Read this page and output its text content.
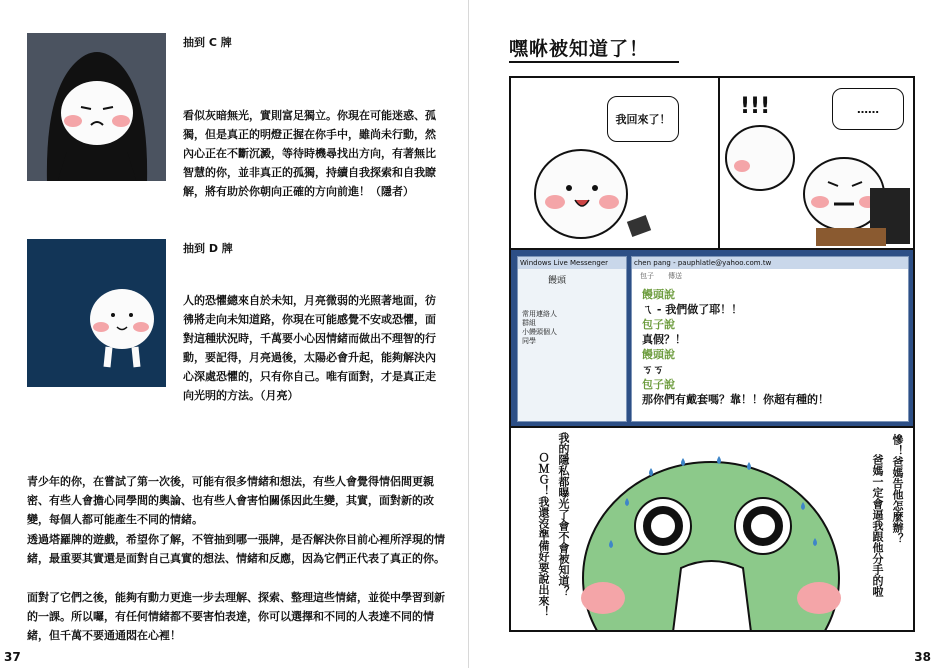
抽到 C 牌
看似灰暗無光，實則富足獨立。你現在可能迷惑、孤獨，但是真正的明燈正握在你手中，雖尚未行動，然內心正在不斷沉澱，等待時機尋找出方向，有著無比智慧的你，並非真正的孤獨，持續自我探索和自我瞭解，將有助於你朝向正確的方向前進！（隱者）
抽到 D 牌
人的恐懼總來自於未知，月亮微弱的光照著地面，彷彿將走向未知道路，你現在可能感覺不安或恐懼，面對這種狀況時，千萬要小心因情緒而做出不理智的行動，要記得，月亮過後，太陽必會升起，能夠解決內心深處恐懼的，只有你自己。唯有面對，才是真正走向光明的方法。（月亮）
青少年的你，在嘗試了第一次後，可能有很多情緒和想法，有些人會覺得情侶間更親密、有些人會擔心同學間的輿論、也有些人會害怕關係因此生變，其實，面對新的改變，每個人都可能產生不同的情緒。
透過塔羅牌的遊戲，希望你了解，不管抽到哪一張牌，是否解決你目前心裡所浮現的情緒，最重要其實還是面對自己真實的想法、情緒和反應，因為它們正代表了真正的你。
面對了它們之後，能夠有動力更進一步去理解、探索、整理這些情緒，並從中學習到新的一課。所以囉，有任何情緒都不要害怕表達，你可以選擇和不同的人表達不同的情緒，但千萬不要通通悶在心裡！
37
嘿咻被知道了！
我回來了！
!!!	……
Windows Live Messenger
饅頭
常用連絡人
群組
小饅頭個人
同學
chen pang - pauphlatle@yahoo.com.tw
包子　　傳送
饅頭說
ㄟ - 我們做了耶！！
包子說
真假？！
饅頭說
ㄎㄎ
包子說
那你們有戴套嗎？靠！！你超有種的！
慘！爸媽告他怎麼辦？
爸媽一定會逼我跟他分手的啦
我的隱私都曝光了會不會被知道？
ＯＭＧ！我還沒準備好要說出來！
38
